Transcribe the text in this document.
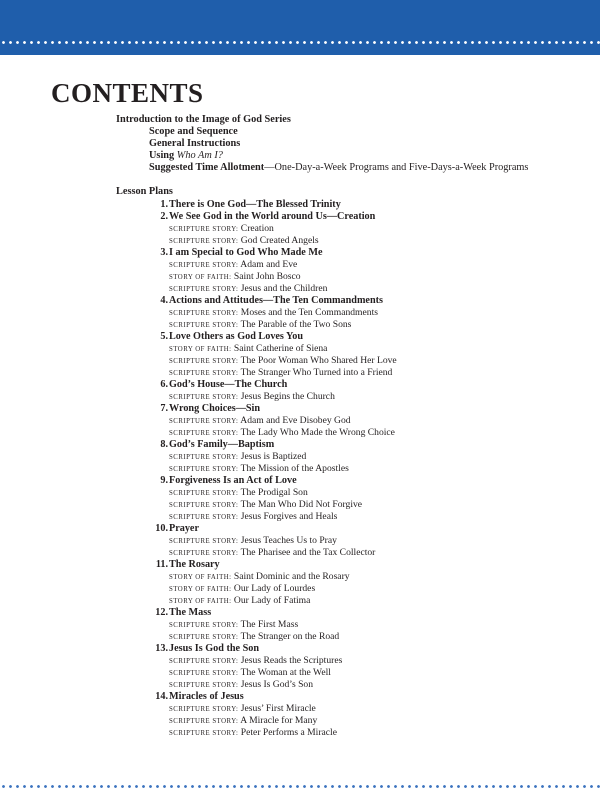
CONTENTS
Introduction to the Image of God Series
Scope and Sequence
General Instructions
Using Who Am I?
Suggested Time Allotment—One-Day-a-Week Programs and Five-Days-a-Week Programs
Lesson Plans
1. There is One God—The Blessed Trinity
2. We See God in the World around Us—Creation
SCRIPTURE STORY: Creation
SCRIPTURE STORY: God Created Angels
3. I am Special to God Who Made Me
SCRIPTURE STORY: Adam and Eve
STORY OF FAITH: Saint John Bosco
SCRIPTURE STORY: Jesus and the Children
4. Actions and Attitudes—The Ten Commandments
SCRIPTURE STORY: Moses and the Ten Commandments
SCRIPTURE STORY: The Parable of the Two Sons
5. Love Others as God Loves You
STORY OF FAITH: Saint Catherine of Siena
SCRIPTURE STORY: The Poor Woman Who Shared Her Love
SCRIPTURE STORY: The Stranger Who Turned into a Friend
6. God’s House—The Church
SCRIPTURE STORY: Jesus Begins the Church
7. Wrong Choices—Sin
SCRIPTURE STORY: Adam and Eve Disobey God
SCRIPTURE STORY: The Lady Who Made the Wrong Choice
8. God’s Family—Baptism
SCRIPTURE STORY: Jesus is Baptized
SCRIPTURE STORY: The Mission of the Apostles
9. Forgiveness Is an Act of Love
SCRIPTURE STORY: The Prodigal Son
SCRIPTURE STORY: The Man Who Did Not Forgive
SCRIPTURE STORY: Jesus Forgives and Heals
10. Prayer
SCRIPTURE STORY: Jesus Teaches Us to Pray
SCRIPTURE STORY: The Pharisee and the Tax Collector
11. The Rosary
STORY OF FAITH: Saint Dominic and the Rosary
STORY OF FAITH: Our Lady of Lourdes
STORY OF FAITH: Our Lady of Fatima
12. The Mass
SCRIPTURE STORY: The First Mass
SCRIPTURE STORY: The Stranger on the Road
13. Jesus Is God the Son
SCRIPTURE STORY: Jesus Reads the Scriptures
SCRIPTURE STORY: The Woman at the Well
SCRIPTURE STORY: Jesus Is God’s Son
14. Miracles of Jesus
SCRIPTURE STORY: Jesus’ First Miracle
SCRIPTURE STORY: A Miracle for Many
SCRIPTURE STORY: Peter Performs a Miracle
